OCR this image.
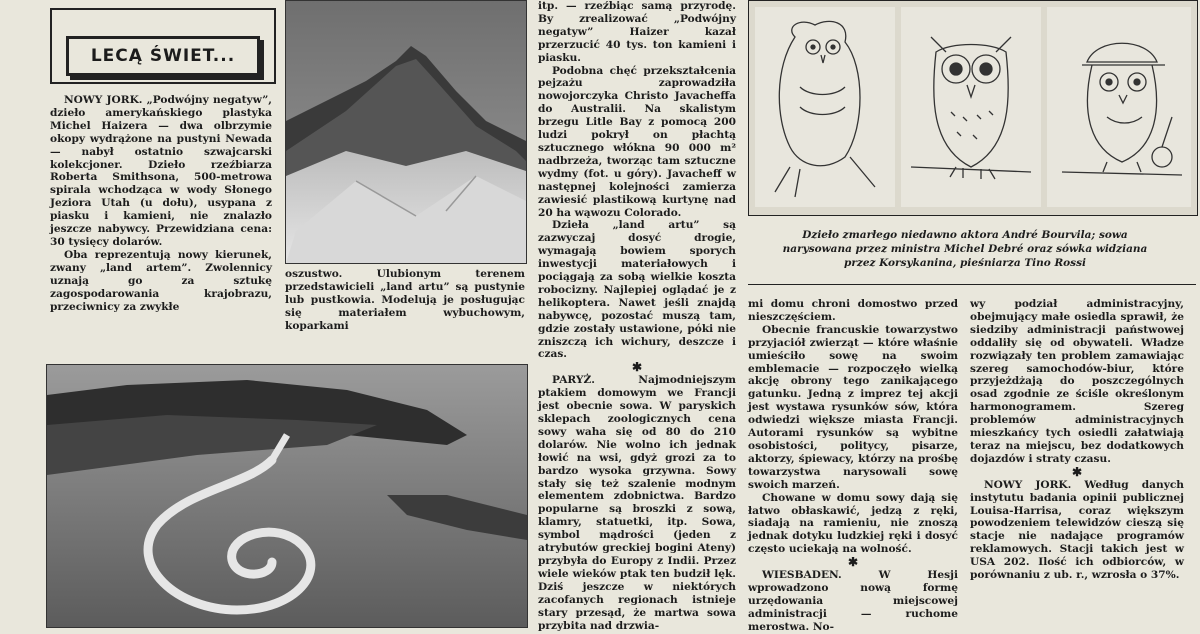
LECĄ ŚWIET...

NOWY JORK. „Podwójny negatyw”, dzieło amerykańskiego plastyka Michel Haizera — dwa olbrzymie okopy wydrążone na pustyni Newada — nabył ostatnio szwajcarski kolekcjoner. Dzieło rzeźbiarza Roberta Smithsona, 500-metrowa spirala wchodząca w wody Słonego Jeziora Utah (u dołu), usypana z piasku i kamieni, nie znalazło jeszcze nabywcy. Przewidziana cena: 30 tysięcy dolarów.

Oba reprezentują nowy kierunek, zwany „land artem”. Zwolennicy uznają go za sztukę zagospodarowania krajobrazu, przeciwnicy za zwykłe

oszustwo. Ulubionym terenem przedstawicieli „land artu” są pustynie lub pustkowia. Modelują je posługując się materiałem wybuchowym, koparkami

itp. — rzeźbiąc samą przyrodę. By zrealizować „Podwójny negatyw” Haizer kazał przerzucić 40 tys. ton kamieni i piasku.

Podobna chęć przekształcenia pejzażu zaprowadziła nowojorczyka Christo Javacheffa do Australii. Na skalistym brzegu Litle Bay z pomocą 200 ludzi pokrył on płachtą sztucznego włókna 90 000 m² nadbrzeża, tworząc tam sztuczne wydmy (fot. u góry). Javacheff w następnej kolejności zamierza zawiesić plastikową kurtynę nad 20 ha wąwozu Colorado.

Dzieła „land artu” są zazwyczaj dosyć drogie, wymagają bowiem sporych inwestycji materiałowych i pociągają za sobą wielkie koszta robocizny. Najlepiej oglądać je z helikoptera. Nawet jeśli znajdą nabywcę, pozostać muszą tam, gdzie zostały ustawione, póki nie zniszczą ich wichury, deszcze i czas.

✱

PARYŻ.	Najmodniejszym ptakiem domowym we Francji jest obecnie sowa. W paryskich sklepach zoologicznych cena sowy waha się od 80 do 210 dolarów. Nie wolno ich jednak łowić na wsi, gdyż grozi za to bardzo wysoka grzywna. Sowy stały się też szalenie modnym elementem zdobnictwa. Bardzo popularne są broszki z sową, klamry, statuetki, itp. Sowa, symbol mądrości (jeden z atrybutów greckiej bogini Ateny) przybyła do Europy z Indii. Przez wiele wieków ptak ten budził lęk. Dziś jeszcze w niektórych zacofanych regionach istnieje stary przesąd, że martwa sowa przybita nad drzwia-

Dzieło zmarłego niedawno aktora André Bourvila; sowa narysowana przez ministra Michel Debré oraz sówka widziana przez Korsykanina, pieśniarza Tino Rossi

mi domu chroni domostwo przed nieszczęściem.

Obecnie francuskie towarzystwo przyjaciół zwierząt — które właśnie umieściło sowę na swoim emblemacie — rozpoczęło wielką akcję obrony tego zanikającego gatunku. Jedną z imprez tej akcji jest wystawa rysunków sów, która odwiedzi większe miasta Francji. Autorami rysunków są wybitne osobistości, politycy, pisarze, aktorzy, śpiewacy, którzy na prośbę towarzystwa narysowali sowę swoich marzeń.

Chowane w domu sowy dają się łatwo obłaskawić, jedzą z ręki, siadają na ramieniu, nie znoszą jednak dotyku ludzkiej ręki i dosyć często uciekają na wolność.

✱

WIESBADEN.	W Hesji wprowadzono nową formę urzędowania miejscowej administracji — ruchome merostwa. No-

wy podział administracyjny, obejmujący małe osiedla sprawił, że siedziby administracji państwowej oddaliły się od obywateli. Władze rozwiązały ten problem zamawiając szereg samochodów-biur, które przyjeżdżają do poszczególnych osad zgodnie ze ściśle określonym harmonogramem. Szereg problemów administracyjnych mieszkańcy tych osiedli załatwiają teraz na miejscu, bez dodatkowych dojazdów i straty czasu.

✱

NOWY JORK. Według danych instytutu badania opinii publicznej Louisa-Harrisa, coraz większym powodzeniem telewidzów cieszą się stacje nie nadające programów reklamowych. Stacji takich jest w USA 202. Ilość ich odbiorców, w porównaniu z ub. r., wzrosła o 37%.
